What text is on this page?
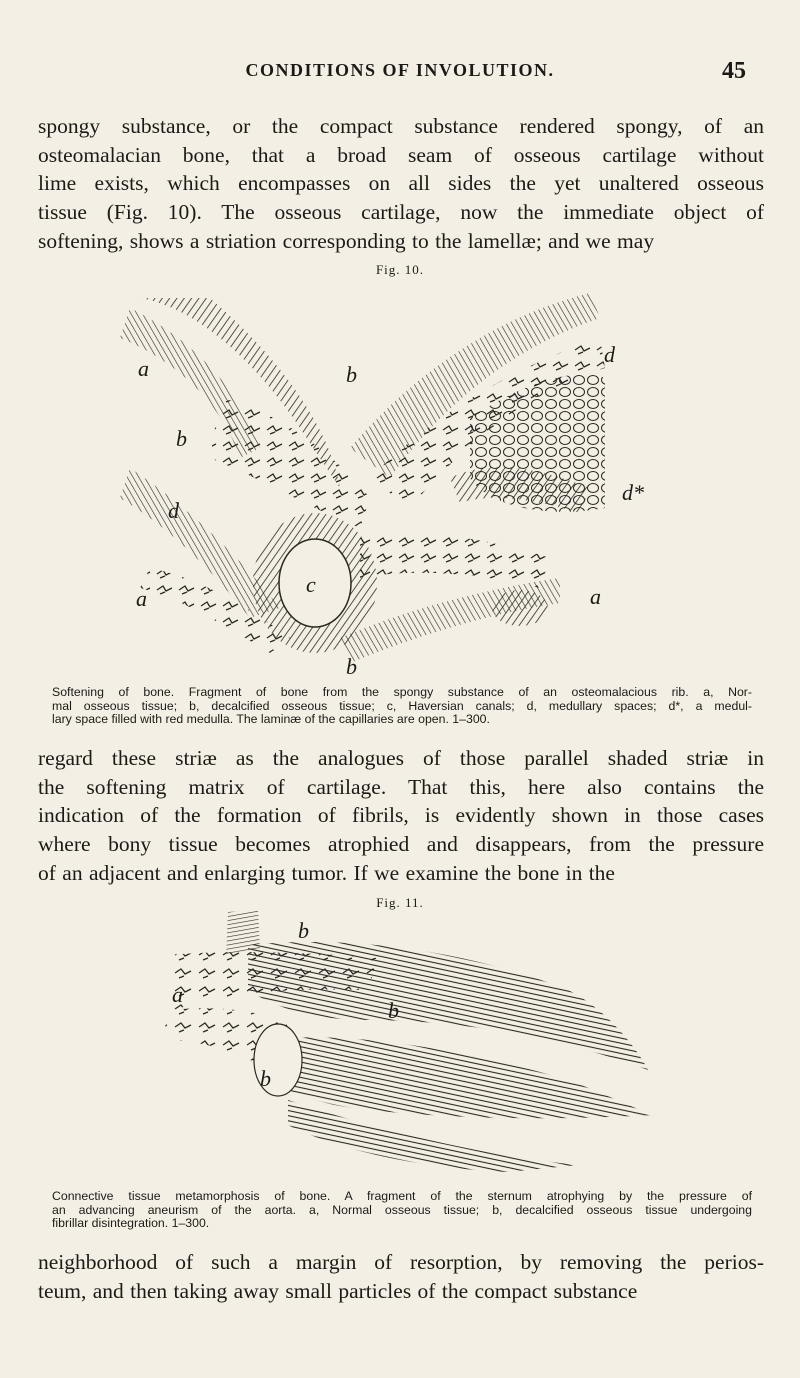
CONDITIONS OF INVOLUTION.	45
spongy substance, or the compact substance rendered spongy, of an
osteomalacian bone, that a broad seam of osseous cartilage without
lime exists, which encompasses on all sides the yet unaltered osseous
tissue (Fig. 10). The osseous cartilage, now the immediate object of
softening, shows a striation corresponding to the lamellæ; and we may
Fig. 10.
a	b
d
b
d
d*
a
c	a
b
Softening of bone. Fragment of bone from the spongy substance of an osteomalacious rib. a, Nor-
mal osseous tissue; b, decalcified osseous tissue; c, Haversian canals; d, medullary spaces; d*, a medul-
lary space filled with red medulla. The laminæ of the capillaries are open. 1–300.
regard these striæ as the analogues of those parallel shaded striæ in
the softening matrix of cartilage. That this, here also contains the
indication of the formation of fibrils, is evidently shown in those cases
where bony tissue becomes atrophied and disappears, from the pressure
of an adjacent and enlarging tumor. If we examine the bone in the
Fig. 11.
b
a
b
b
Connective tissue metamorphosis of bone. A fragment of the sternum atrophying by the pressure of
an advancing aneurism of the aorta. a, Normal osseous tissue; b, decalcified osseous tissue undergoing
fibrillar disintegration. 1–300.
neighborhood of such a margin of resorption, by removing the perios-
teum, and then taking away small particles of the compact substance
